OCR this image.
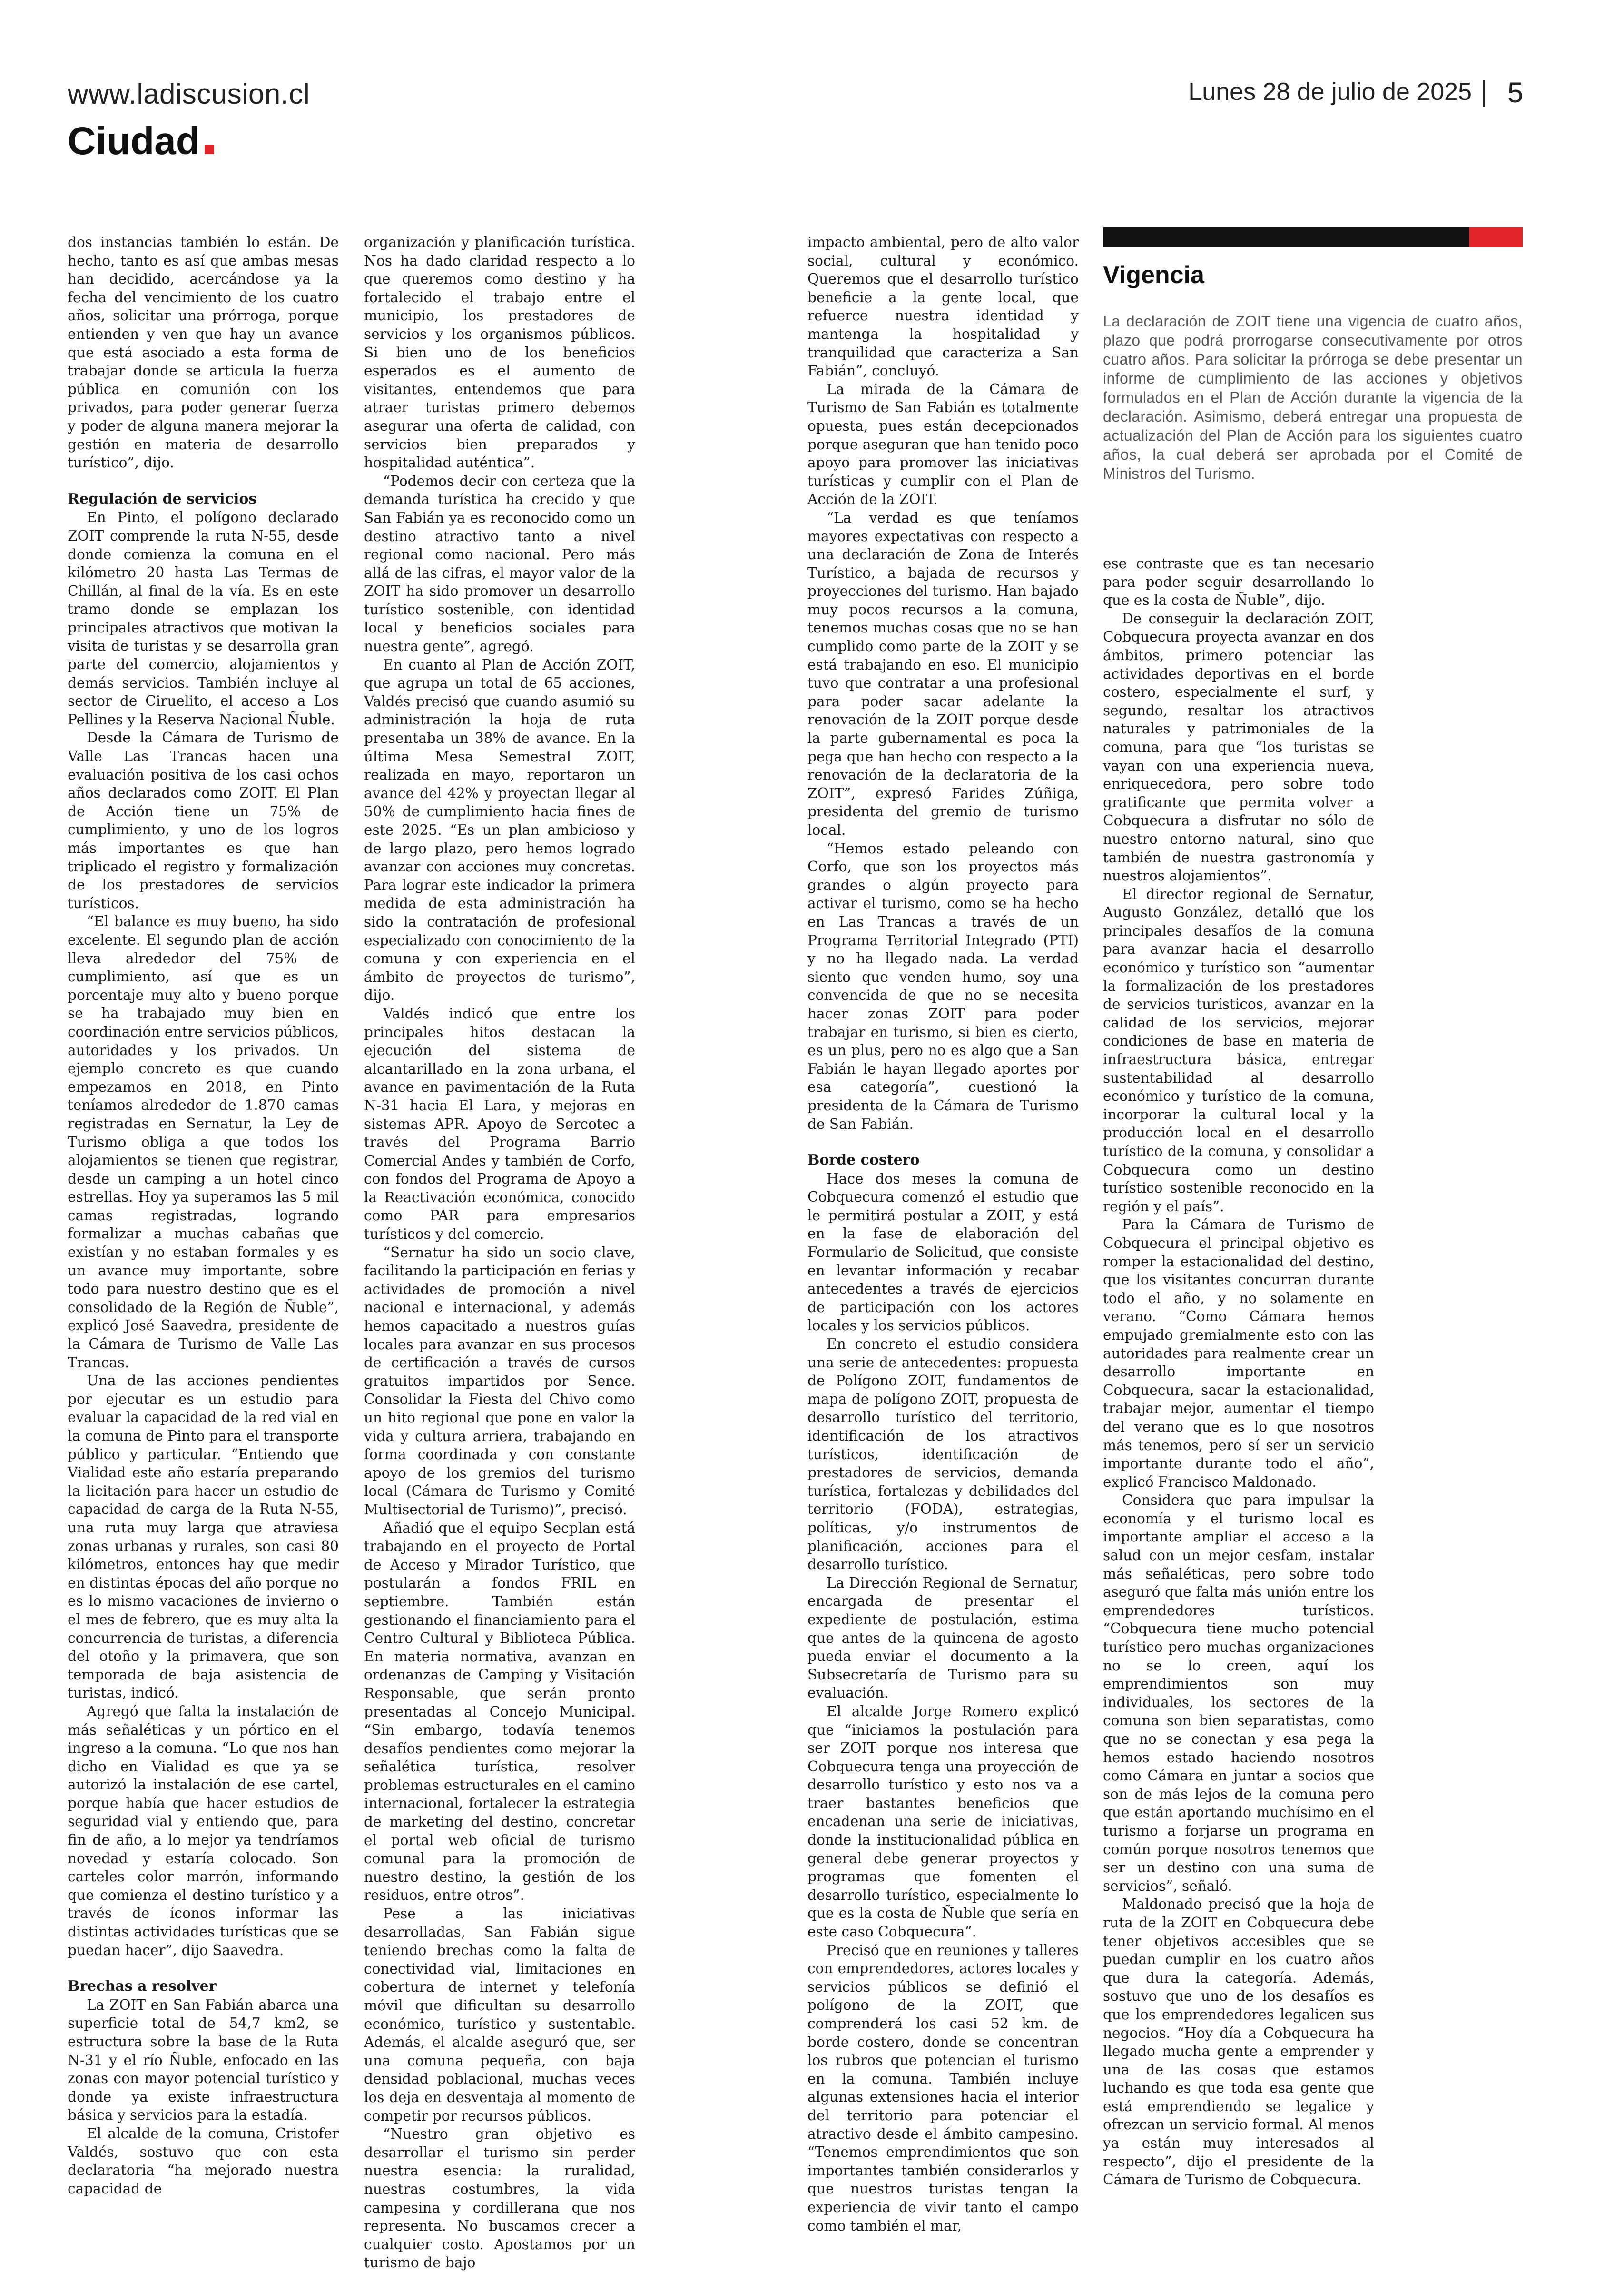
www.ladiscusion.cl
Ciudad
Lunes 28 de julio de 2025 5

dos instancias también lo están. De hecho, tanto es así que ambas mesas han decidido, acercándose ya la fecha del vencimiento de los cuatro años, solicitar una prórroga, porque entienden y ven que hay un avance que está asociado a esta forma de trabajar donde se articula la fuerza pública en comunión con los privados, para poder generar fuerza y poder de alguna manera mejorar la gestión en materia de desarrollo turístico”, dijo.

Regulación de servicios

En Pinto, el polígono declarado ZOIT comprende la ruta N-55, desde donde comienza la comuna en el kilómetro 20 hasta Las Termas de Chillán, al final de la vía. Es en este tramo donde se emplazan los principales atractivos que motivan la visita de turistas y se desarrolla gran parte del comercio, alojamientos y demás servicios. También incluye al sector de Ciruelito, el acceso a Los Pellines y la Reserva Nacional Ñuble.

Desde la Cámara de Turismo de Valle Las Trancas hacen una evaluación positiva de los casi ochos años declarados como ZOIT. El Plan de Acción tiene un 75% de cumplimiento, y uno de los logros más importantes es que han triplicado el registro y formalización de los prestadores de servicios turísticos.

“El balance es muy bueno, ha sido excelente. El segundo plan de acción lleva alrededor del 75% de cumplimiento, así que es un porcentaje muy alto y bueno porque se ha trabajado muy bien en coordinación entre servicios públicos, autoridades y los privados. Un ejemplo concreto es que cuando empezamos en 2018, en Pinto teníamos alrededor de 1.870 camas registradas en Sernatur, la Ley de Turismo obliga a que todos los alojamientos se tienen que registrar, desde un camping a un hotel cinco estrellas. Hoy ya superamos las 5 mil camas registradas, logrando formalizar a muchas cabañas que existían y no estaban formales y es un avance muy importante, sobre todo para nuestro destino que es el consolidado de la Región de Ñuble”, explicó José Saavedra, presidente de la Cámara de Turismo de Valle Las Trancas.

Una de las acciones pendientes por ejecutar es un estudio para evaluar la capacidad de la red vial en la comuna de Pinto para el transporte público y particular. “Entiendo que Vialidad este año estaría preparando la licitación para hacer un estudio de capacidad de carga de la Ruta N-55, una ruta muy larga que atraviesa zonas urbanas y rurales, son casi 80 kilómetros, entonces hay que medir en distintas épocas del año porque no es lo mismo vacaciones de invierno o el mes de febrero, que es muy alta la concurrencia de turistas, a diferencia del otoño y la primavera, que son temporada de baja asistencia de turistas, indicó.

Agregó que falta la instalación de más señaléticas y un pórtico en el ingreso a la comuna. “Lo que nos han dicho en Vialidad es que ya se autorizó la instalación de ese cartel, porque había que hacer estudios de seguridad vial y entiendo que, para fin de año, a lo mejor ya tendríamos novedad y estaría colocado. Son carteles color marrón, informando que comienza el destino turístico y a través de íconos informar las distintas actividades turísticas que se puedan hacer”, dijo Saavedra.

Brechas a resolver

La ZOIT en San Fabián abarca una superficie total de 54,7 km2, se estructura sobre la base de la Ruta N-31 y el río Ñuble, enfocado en las zonas con mayor potencial turístico y donde ya existe infraestructura básica y servicios para la estadía.

El alcalde de la comuna, Cristofer Valdés, sostuvo que con esta declaratoria “ha mejorado nuestra capacidad de

organización y planificación turística. Nos ha dado claridad respecto a lo que queremos como destino y ha fortalecido el trabajo entre el municipio, los prestadores de servicios y los organismos públicos. Si bien uno de los beneficios esperados es el aumento de visitantes, entendemos que para atraer turistas primero debemos asegurar una oferta de calidad, con servicios bien preparados y hospitalidad auténtica”.

“Podemos decir con certeza que la demanda turística ha crecido y que San Fabián ya es reconocido como un destino atractivo tanto a nivel regional como nacional. Pero más allá de las cifras, el mayor valor de la ZOIT ha sido promover un desarrollo turístico sostenible, con identidad local y beneficios sociales para nuestra gente”, agregó.

En cuanto al Plan de Acción ZOIT, que agrupa un total de 65 acciones, Valdés precisó que cuando asumió su administración la hoja de ruta presentaba un 38% de avance. En la última Mesa Semestral ZOIT, realizada en mayo, reportaron un avance del 42% y proyectan llegar al 50% de cumplimiento hacia fines de este 2025. “Es un plan ambicioso y de largo plazo, pero hemos logrado avanzar con acciones muy concretas. Para lograr este indicador la primera medida de esta administración ha sido la contratación de profesional especializado con conocimiento de la comuna y con experiencia en el ámbito de proyectos de turismo”, dijo.

Valdés indicó que entre los principales hitos destacan la ejecución del sistema de alcantarillado en la zona urbana, el avance en pavimentación de la Ruta N-31 hacia El Lara, y mejoras en sistemas APR. Apoyo de Sercotec a través del Programa Barrio Comercial Andes y también de Corfo, con fondos del Programa de Apoyo a la Reactivación económica, conocido como PAR para empresarios turísticos y del comercio.

“Sernatur ha sido un socio clave, facilitando la participación en ferias y actividades de promoción a nivel nacional e internacional, y además hemos capacitado a nuestros guías locales para avanzar en sus procesos de certificación a través de cursos gratuitos impartidos por Sence. Consolidar la Fiesta del Chivo como un hito regional que pone en valor la vida y cultura arriera, trabajando en forma coordinada y con constante apoyo de los gremios del turismo local (Cámara de Turismo y Comité Multisectorial de Turismo)”, precisó.

Añadió que el equipo Secplan está trabajando en el proyecto de Portal de Acceso y Mirador Turístico, que postularán a fondos FRIL en septiembre. También están gestionando el financiamiento para el Centro Cultural y Biblioteca Pública. En materia normativa, avanzan en ordenanzas de Camping y Visitación Responsable, que serán pronto presentadas al Concejo Municipal. “Sin embargo, todavía tenemos desafíos pendientes como mejorar la señalética turística, resolver problemas estructurales en el camino internacional, fortalecer la estrategia de marketing del destino, concretar el portal web oficial de turismo comunal para la promoción de nuestro destino, la gestión de los residuos, entre otros”.

Pese a las iniciativas desarrolladas, San Fabián sigue teniendo brechas como la falta de conectividad vial, limitaciones en cobertura de internet y telefonía móvil que dificultan su desarrollo económico, turístico y sustentable. Además, el alcalde aseguró que, ser una comuna pequeña, con baja densidad poblacional, muchas veces los deja en desventaja al momento de competir por recursos públicos.

“Nuestro gran objetivo es desarrollar el turismo sin perder nuestra esencia: la ruralidad, nuestras costumbres, la vida campesina y cordillerana que nos representa. No buscamos crecer a cualquier costo. Apostamos por un turismo de bajo

impacto ambiental, pero de alto valor social, cultural y económico. Queremos que el desarrollo turístico beneficie a la gente local, que refuerce nuestra identidad y mantenga la hospitalidad y tranquilidad que caracteriza a San Fabián”, concluyó.

La mirada de la Cámara de Turismo de San Fabián es totalmente opuesta, pues están decepcionados porque aseguran que han tenido poco apoyo para promover las iniciativas turísticas y cumplir con el Plan de Acción de la ZOIT.

“La verdad es que teníamos mayores expectativas con respecto a una declaración de Zona de Interés Turístico, a bajada de recursos y proyecciones del turismo. Han bajado muy pocos recursos a la comuna, tenemos muchas cosas que no se han cumplido como parte de la ZOIT y se está trabajando en eso. El municipio tuvo que contratar a una profesional para poder sacar adelante la renovación de la ZOIT porque desde la parte gubernamental es poca la pega que han hecho con respecto a la renovación de la declaratoria de la ZOIT”, expresó Farides Zúñiga, presidenta del gremio de turismo local.

“Hemos estado peleando con Corfo, que son los proyectos más grandes o algún proyecto para activar el turismo, como se ha hecho en Las Trancas a través de un Programa Territorial Integrado (PTI) y no ha llegado nada. La verdad siento que venden humo, soy una convencida de que no se necesita hacer zonas ZOIT para poder trabajar en turismo, si bien es cierto, es un plus, pero no es algo que a San Fabián le hayan llegado aportes por esa categoría”, cuestionó la presidenta de la Cámara de Turismo de San Fabián.

Borde costero

Hace dos meses la comuna de Cobquecura comenzó el estudio que le permitirá postular a ZOIT, y está en la fase de elaboración del Formulario de Solicitud, que consiste en levantar información y recabar antecedentes a través de ejercicios de participación con los actores locales y los servicios públicos.

En concreto el estudio considera una serie de antecedentes: propuesta de Polígono ZOIT, fundamentos de mapa de polígono ZOIT, propuesta de desarrollo turístico del territorio, identificación de los atractivos turísticos, identificación de prestadores de servicios, demanda turística, fortalezas y debilidades del territorio (FODA), estrategias, políticas, y/o instrumentos de planificación, acciones para el desarrollo turístico.

La Dirección Regional de Sernatur, encargada de presentar el expediente de postulación, estima que antes de la quincena de agosto pueda enviar el documento a la Subsecretaría de Turismo para su evaluación.

El alcalde Jorge Romero explicó que “iniciamos la postulación para ser ZOIT porque nos interesa que Cobquecura tenga una proyección de desarrollo turístico y esto nos va a traer bastantes beneficios que encadenan una serie de iniciativas, donde la institucionalidad pública en general debe generar proyectos y programas que fomenten el desarrollo turístico, especialmente lo que es la costa de Ñuble que sería en este caso Cobquecura”.

Precisó que en reuniones y talleres con emprendedores, actores locales y servicios públicos se definió el polígono de la ZOIT, que comprenderá los casi 52 km. de borde costero, donde se concentran los rubros que potencian el turismo en la comuna. También incluye algunas extensiones hacia el interior del territorio para potenciar el atractivo desde el ámbito campesino. “Tenemos emprendimientos que son importantes también considerarlos y que nuestros turistas tengan la experiencia de vivir tanto el campo como también el mar,

Vigencia

La declaración de ZOIT tiene una vigencia de cuatro años, plazo que podrá prorrogarse consecutivamente por otros cuatro años. Para solicitar la prórroga se debe presentar un informe de cumplimiento de las acciones y objetivos formulados en el Plan de Acción durante la vigencia de la declaración. Asimismo, deberá entregar una propuesta de actualización del Plan de Acción para los siguientes cuatro años, la cual deberá ser aprobada por el Comité de Ministros del Turismo.

ese contraste que es tan necesario para poder seguir desarrollando lo que es la costa de Ñuble”, dijo.

De conseguir la declaración ZOIT, Cobquecura proyecta avanzar en dos ámbitos, primero potenciar las actividades deportivas en el borde costero, especialmente el surf, y segundo, resaltar los atractivos naturales y patrimoniales de la comuna, para que “los turistas se vayan con una experiencia nueva, enriquecedora, pero sobre todo gratificante que permita volver a Cobquecura a disfrutar no sólo de nuestro entorno natural, sino que también de nuestra gastronomía y nuestros alojamientos”.

El director regional de Sernatur, Augusto González, detalló que los principales desafíos de la comuna para avanzar hacia el desarrollo económico y turístico son “aumentar la formalización de los prestadores de servicios turísticos, avanzar en la calidad de los servicios, mejorar condiciones de base en materia de infraestructura básica, entregar sustentabilidad al desarrollo económico y turístico de la comuna, incorporar la cultural local y la producción local en el desarrollo turístico de la comuna, y consolidar a Cobquecura como un destino turístico sostenible reconocido en la región y el país”.

Para la Cámara de Turismo de Cobquecura el principal objetivo es romper la estacionalidad del destino, que los visitantes concurran durante todo el año, y no solamente en verano. “Como Cámara hemos empujado gremialmente esto con las autoridades para realmente crear un desarrollo importante en Cobquecura, sacar la estacionalidad, trabajar mejor, aumentar el tiempo del verano que es lo que nosotros más tenemos, pero sí ser un servicio importante durante todo el año”, explicó Francisco Maldonado.

Considera que para impulsar la economía y el turismo local es importante ampliar el acceso a la salud con un mejor cesfam, instalar más señaléticas, pero sobre todo aseguró que falta más unión entre los emprendedores turísticos. “Cobquecura tiene mucho potencial turístico pero muchas organizaciones no se lo creen, aquí los emprendimientos son muy individuales, los sectores de la comuna son bien separatistas, como que no se conectan y esa pega la hemos estado haciendo nosotros como Cámara en juntar a socios que son de más lejos de la comuna pero que están aportando muchísimo en el turismo a forjarse un programa en común porque nosotros tenemos que ser un destino con una suma de servicios”, señaló.

Maldonado precisó que la hoja de ruta de la ZOIT en Cobquecura debe tener objetivos accesibles que se puedan cumplir en los cuatro años que dura la categoría. Además, sostuvo que uno de los desafíos es que los emprendedores legalicen sus negocios. “Hoy día a Cobquecura ha llegado mucha gente a emprender y una de las cosas que estamos luchando es que toda esa gente que está emprendiendo se legalice y ofrezcan un servicio formal. Al menos ya están muy interesados al respecto”, dijo el presidente de la Cámara de Turismo de Cobquecura.
